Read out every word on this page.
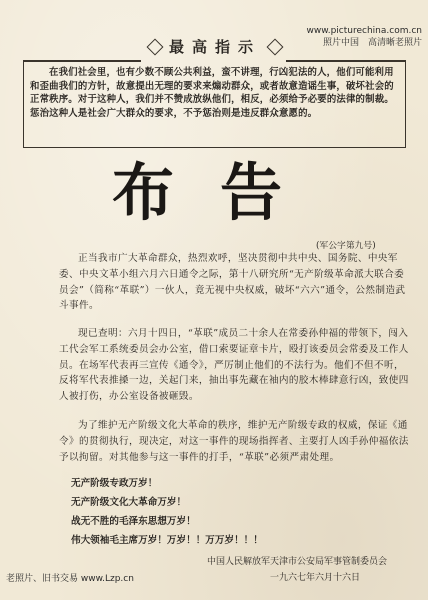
www.picturechina.com.cn
照片中国　高清晰老照片
最高指示
在我们社会里，也有少数不顾公共利益，蛮不讲理，行凶犯法的人，他们可能利用和歪曲我们的方针，故意提出无理的要求来煽动群众，或者故意造谣生事，破坏社会的正常秩序。对于这种人，我们并不赞成放纵他们，相反，必须给予必要的法律的制裁。惩治这种人是社会广大群众的要求，不予惩治则是违反群众意愿的。
布告
(军公字第九号)
正当我市广大革命群众，热烈欢呼，坚决贯彻中共中央、国务院、中央军委、中央文革小组六月六日通令之际，第十八研究所“无产阶级革命派大联合委员会”（简称“革联”）一伙人，竟无视中央权威，破坏“六六”通令，公然制造武斗事件。
现已查明：六月十四日，“革联”成员二十余人在常委孙仲福的带领下，闯入工代会军工系统委员会办公室，借口索要证章卡片，殴打该委员会常委及工作人员。在场军代表再三宣传《通令》，严厉制止他们的不法行为。他们不但不听，反将军代表推搡一边，关起门来，抽出事先藏在袖内的胶木棒肆意行凶，致使四人被打伤，办公室设备被砸毁。
为了维护无产阶级文化大革命的秩序，维护无产阶级专政的权威，保证《通令》的贯彻执行，现决定，对这一事件的现场指挥者、主要打人凶手孙仲福依法予以拘留。对其他参与这一事件的打手，“革联”必须严肃处理。
无产阶级专政万岁！
无产阶级文化大革命万岁！
战无不胜的毛泽东思想万岁！
伟大领袖毛主席万岁！万岁！！万万岁！！！
中国人民解放军天津市公安局军事管制委员会
一九六七年六月十六日
老照片、旧书交易 www.Lzp.cn
